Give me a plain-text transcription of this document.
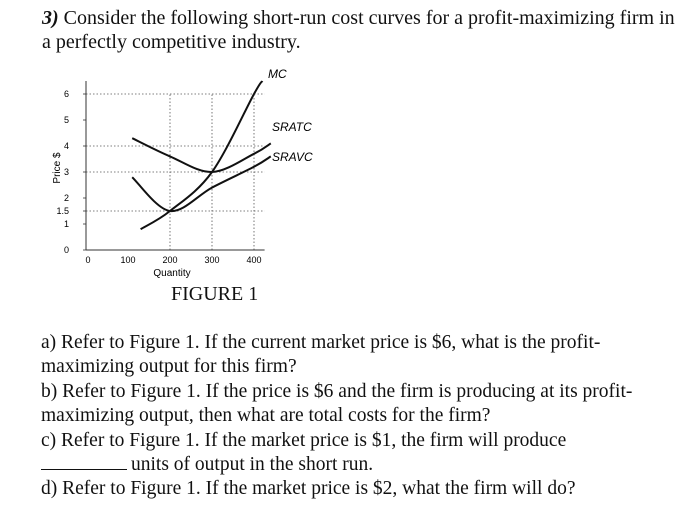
3) Consider the following short-run cost curves for a profit-maximizing firm in a perfectly competitive industry.
0
1
1.5
2
3
4
5
6
0	100	200	300	400
Quantity
Price $
MC
SRATC
SRAVC
FIGURE 1

a) Refer to Figure 1. If the current market price is $6, what is the profit-maximizing output for this firm?

b) Refer to Figure 1. If the price is $6 and the firm is producing at its profit-maximizing output, then what are total costs for the firm?

c) Refer to Figure 1. If the market price is $1, the firm will produce
units of output in the short run.

d) Refer to Figure 1. If the market price is $2, what the firm will do?
